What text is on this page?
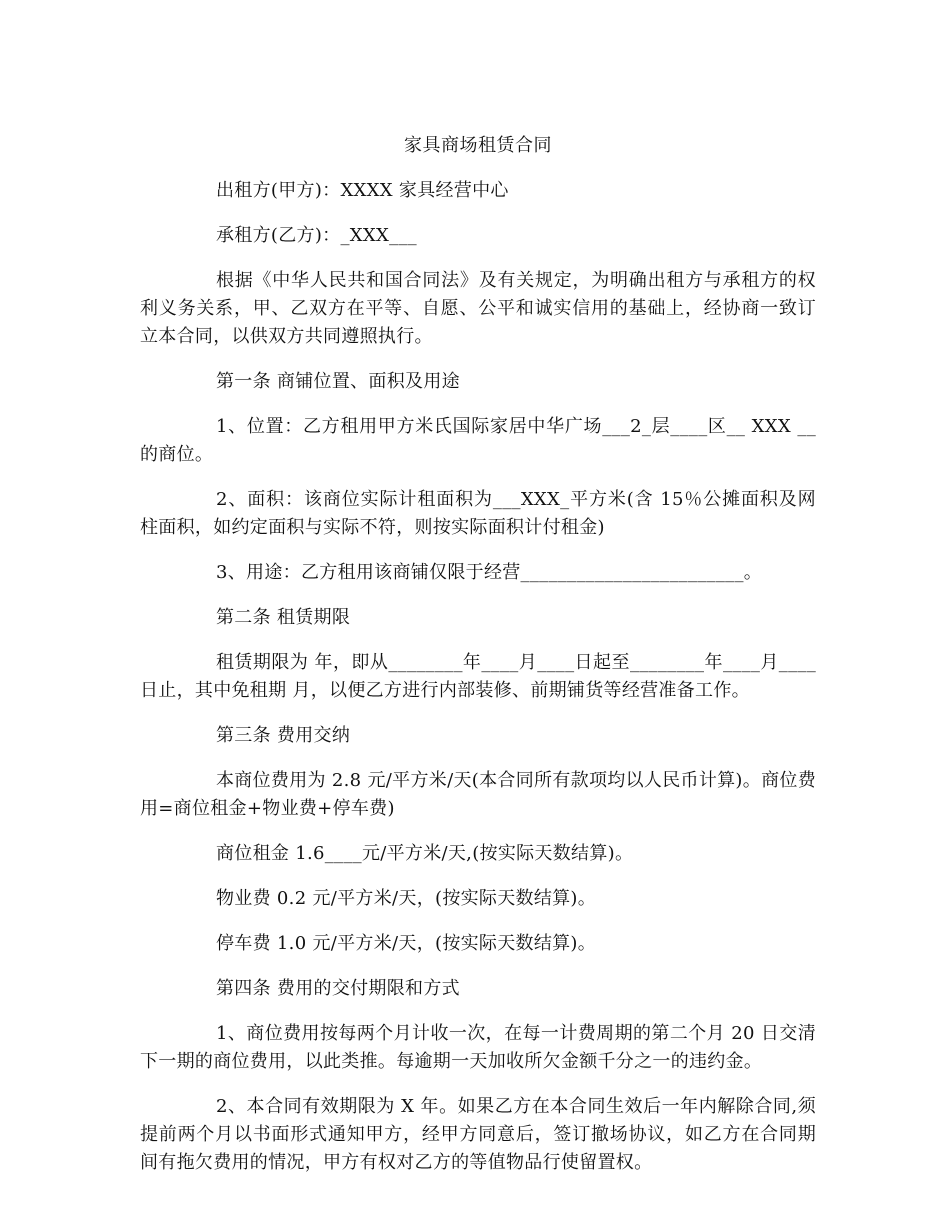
家具商场租赁合同
出租方(甲方)：XXXX 家具经营中心
承租方(乙方)：_XXX___
根据《中华人民共和国合同法》及有关规定，为明确出租方与承租方的权利义务关系，甲、乙双方在平等、自愿、公平和诚实信用的基础上，经协商一致订立本合同，以供双方共同遵照执行。
第一条 商铺位置、面积及用途
1、位置：乙方租用甲方米氏国际家居中华广场___2_层____区__ XXX __的商位。
2、面积：该商位实际计租面积为___XXX_平方米(含 15％公摊面积及网柱面积，如约定面积与实际不符，则按实际面积计付租金)
3、用途：乙方租用该商铺仅限于经营________________________。
第二条 租赁期限
租赁期限为 年，即从________年____月____日起至________年____月____日止，其中免租期 月，以便乙方进行内部装修、前期铺货等经营准备工作。
第三条 费用交纳
本商位费用为 2.8 元/平方米/天(本合同所有款项均以人民币计算)。商位费用=商位租金+物业费+停车费)
商位租金 1.6____元/平方米/天,(按实际天数结算)。
物业费 0.2 元/平方米/天，(按实际天数结算)。
停车费 1.0 元/平方米/天，(按实际天数结算)。
第四条 费用的交付期限和方式
1、商位费用按每两个月计收一次，在每一计费周期的第二个月 20 日交清下一期的商位费用，以此类推。每逾期一天加收所欠金额千分之一的违约金。
2、本合同有效期限为 X 年。如果乙方在本合同生效后一年内解除合同,须提前两个月以书面形式通知甲方，经甲方同意后，签订撤场协议，如乙方在合同期间有拖欠费用的情况，甲方有权对乙方的等值物品行使留置权。
